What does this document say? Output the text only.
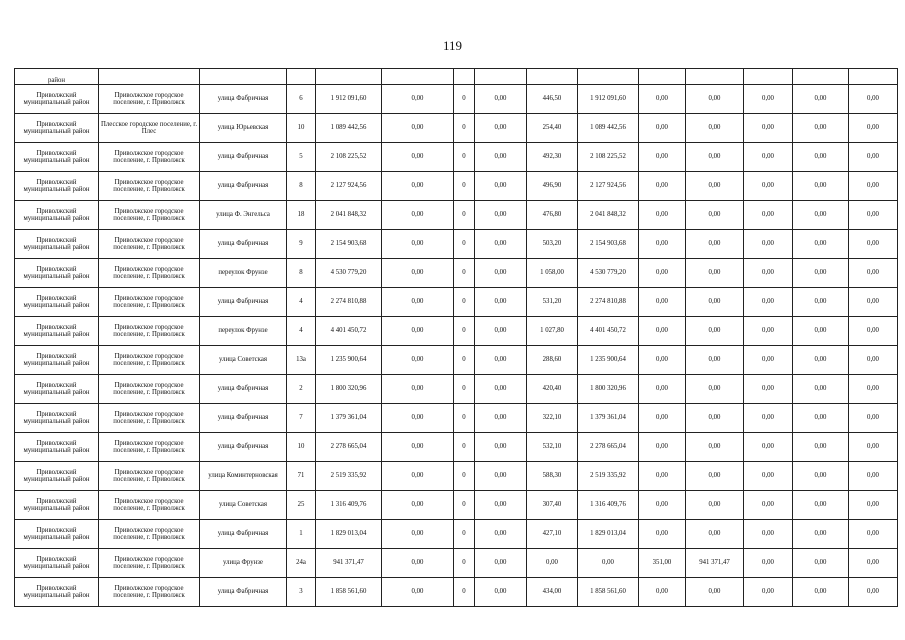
119
район														
Приволжский муниципальный район	Приволжское городское поселение, г. Приволжск	улица Фабричная	6	1 912 091,60	0,00	0	0,00	446,50	1 912 091,60	0,00	0,00	0,00	0,00	0,00
Приволжский муниципальный район	Плесское городское поселение, г. Плес	улица Юрьевская	10	1 089 442,56	0,00	0	0,00	254,40	1 089 442,56	0,00	0,00	0,00	0,00	0,00
Приволжский муниципальный район	Приволжское городское поселение, г. Приволжск	улица Фабричная	5	2 108 225,52	0,00	0	0,00	492,30	2 108 225,52	0,00	0,00	0,00	0,00	0,00
Приволжский муниципальный район	Приволжское городское поселение, г. Приволжск	улица Фабричная	8	2 127 924,56	0,00	0	0,00	496,90	2 127 924,56	0,00	0,00	0,00	0,00	0,00
Приволжский муниципальный район	Приволжское городское поселение, г. Приволжск	улица Ф. Энгельса	18	2 041 848,32	0,00	0	0,00	476,80	2 041 848,32	0,00	0,00	0,00	0,00	0,00
Приволжский муниципальный район	Приволжское городское поселение, г. Приволжск	улица Фабричная	9	2 154 903,68	0,00	0	0,00	503,20	2 154 903,68	0,00	0,00	0,00	0,00	0,00
Приволжский муниципальный район	Приволжское городское поселение, г. Приволжск	переулок Фрунзе	8	4 530 779,20	0,00	0	0,00	1 058,00	4 530 779,20	0,00	0,00	0,00	0,00	0,00
Приволжский муниципальный район	Приволжское городское поселение, г. Приволжск	улица Фабричная	4	2 274 810,88	0,00	0	0,00	531,20	2 274 810,88	0,00	0,00	0,00	0,00	0,00
Приволжский муниципальный район	Приволжское городское поселение, г. Приволжск	переулок Фрунзе	4	4 401 450,72	0,00	0	0,00	1 027,80	4 401 450,72	0,00	0,00	0,00	0,00	0,00
Приволжский муниципальный район	Приволжское городское поселение, г. Приволжск	улица Советская	13а	1 235 900,64	0,00	0	0,00	288,60	1 235 900,64	0,00	0,00	0,00	0,00	0,00
Приволжский муниципальный район	Приволжское городское поселение, г. Приволжск	улица Фабричная	2	1 800 320,96	0,00	0	0,00	420,40	1 800 320,96	0,00	0,00	0,00	0,00	0,00
Приволжский муниципальный район	Приволжское городское поселение, г. Приволжск	улица Фабричная	7	1 379 361,04	0,00	0	0,00	322,10	1 379 361,04	0,00	0,00	0,00	0,00	0,00
Приволжский муниципальный район	Приволжское городское поселение, г. Приволжск	улица Фабричная	10	2 278 665,04	0,00	0	0,00	532,10	2 278 665,04	0,00	0,00	0,00	0,00	0,00
Приволжский муниципальный район	Приволжское городское поселение, г. Приволжск	улица Коминтерновская	71	2 519 335,92	0,00	0	0,00	588,30	2 519 335,92	0,00	0,00	0,00	0,00	0,00
Приволжский муниципальный район	Приволжское городское поселение, г. Приволжск	улица Советская	25	1 316 409,76	0,00	0	0,00	307,40	1 316 409,76	0,00	0,00	0,00	0,00	0,00
Приволжский муниципальный район	Приволжское городское поселение, г. Приволжск	улица Фабричная	1	1 829 013,04	0,00	0	0,00	427,10	1 829 013,04	0,00	0,00	0,00	0,00	0,00
Приволжский муниципальный район	Приволжское городское поселение, г. Приволжск	улица Фрунзе	24а	941 371,47	0,00	0	0,00	0,00	0,00	351,00	941 371,47	0,00	0,00	0,00
Приволжский муниципальный район	Приволжское городское поселение, г. Приволжск	улица Фабричная	3	1 858 561,60	0,00	0	0,00	434,00	1 858 561,60	0,00	0,00	0,00	0,00	0,00
